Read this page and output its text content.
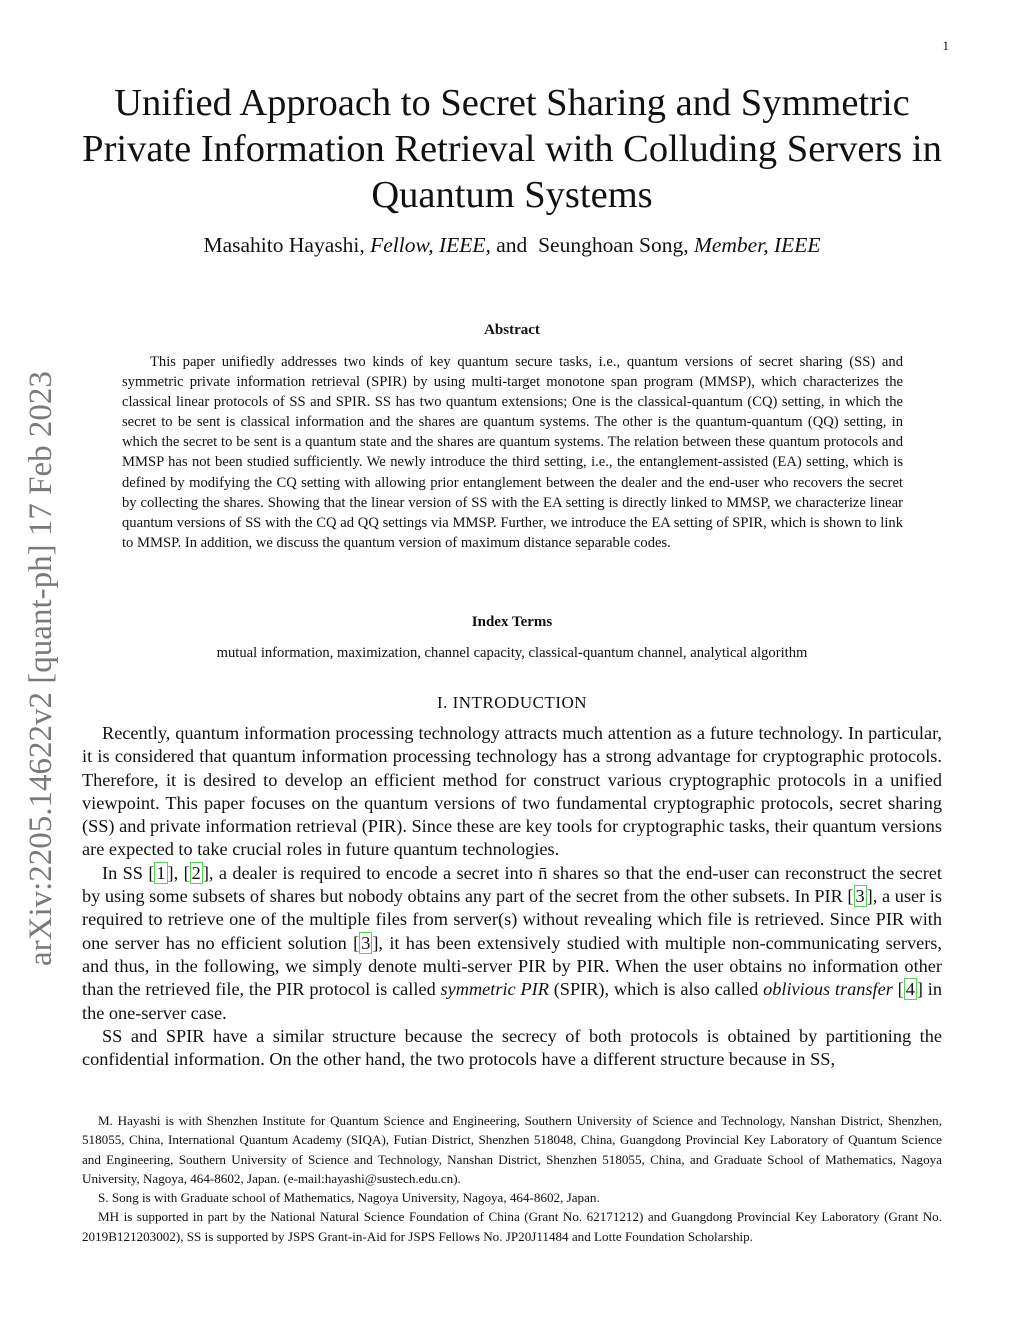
1
Unified Approach to Secret Sharing and Symmetric Private Information Retrieval with Colluding Servers in Quantum Systems
Masahito Hayashi, Fellow, IEEE, and Seunghoan Song, Member, IEEE
arXiv:2205.14622v2 [quant-ph] 17 Feb 2023
Abstract

This paper unifiedly addresses two kinds of key quantum secure tasks, i.e., quantum versions of secret sharing (SS) and symmetric private information retrieval (SPIR) by using multi-target monotone span program (MMSP), which characterizes the classical linear protocols of SS and SPIR. SS has two quantum extensions; One is the classical-quantum (CQ) setting, in which the secret to be sent is classical information and the shares are quantum systems. The other is the quantum-quantum (QQ) setting, in which the secret to be sent is a quantum state and the shares are quantum systems. The relation between these quantum protocols and MMSP has not been studied sufficiently. We newly introduce the third setting, i.e., the entanglement-assisted (EA) setting, which is defined by modifying the CQ setting with allowing prior entanglement between the dealer and the end-user who recovers the secret by collecting the shares. Showing that the linear version of SS with the EA setting is directly linked to MMSP, we characterize linear quantum versions of SS with the CQ ad QQ settings via MMSP. Further, we introduce the EA setting of SPIR, which is shown to link to MMSP. In addition, we discuss the quantum version of maximum distance separable codes.

Index Terms
mutual information, maximization, channel capacity, classical-quantum channel, analytical algorithm
I. INTRODUCTION

Recently, quantum information processing technology attracts much attention as a future technology. In particular, it is considered that quantum information processing technology has a strong advantage for cryptographic protocols. Therefore, it is desired to develop an efficient method for construct various cryptographic protocols in a unified viewpoint. This paper focuses on the quantum versions of two fundamental cryptographic protocols, secret sharing (SS) and private information retrieval (PIR). Since these are key tools for cryptographic tasks, their quantum versions are expected to take crucial roles in future quantum technologies.

In SS [ 1 ], [ 2 ], a dealer is required to encode a secret into n̄ shares so that the end-user can reconstruct the secret by using some subsets of shares but nobody obtains any part of the secret from the other subsets. In PIR [ 3 ], a user is required to retrieve one of the multiple files from server(s) without revealing which file is retrieved. Since PIR with one server has no efficient solution [ 3 ], it has been extensively studied with multiple non-communicating servers, and thus, in the following, we simply denote multi-server PIR by PIR. When the user obtains no information other than the retrieved file, the PIR protocol is called symmetric PIR (SPIR), which is also called oblivious transfer [ 4 ] in the one-server case.

SS and SPIR have a similar structure because the secrecy of both protocols is obtained by partitioning the confidential information. On the other hand, the two protocols have a different structure because in SS,

M. Hayashi is with Shenzhen Institute for Quantum Science and Engineering, Southern University of Science and Technology, Nanshan District, Shenzhen, 518055, China, International Quantum Academy (SIQA), Futian District, Shenzhen 518048, China, Guangdong Provincial Key Laboratory of Quantum Science and Engineering, Southern University of Science and Technology, Nanshan District, Shenzhen 518055, China, and Graduate School of Mathematics, Nagoya University, Nagoya, 464-8602, Japan. (e-mail:hayashi@sustech.edu.cn).

S. Song is with Graduate school of Mathematics, Nagoya University, Nagoya, 464-8602, Japan.

MH is supported in part by the National Natural Science Foundation of China (Grant No. 62171212) and Guangdong Provincial Key Laboratory (Grant No. 2019B121203002), SS is supported by JSPS Grant-in-Aid for JSPS Fellows No. JP20J11484 and Lotte Foundation Scholarship.
